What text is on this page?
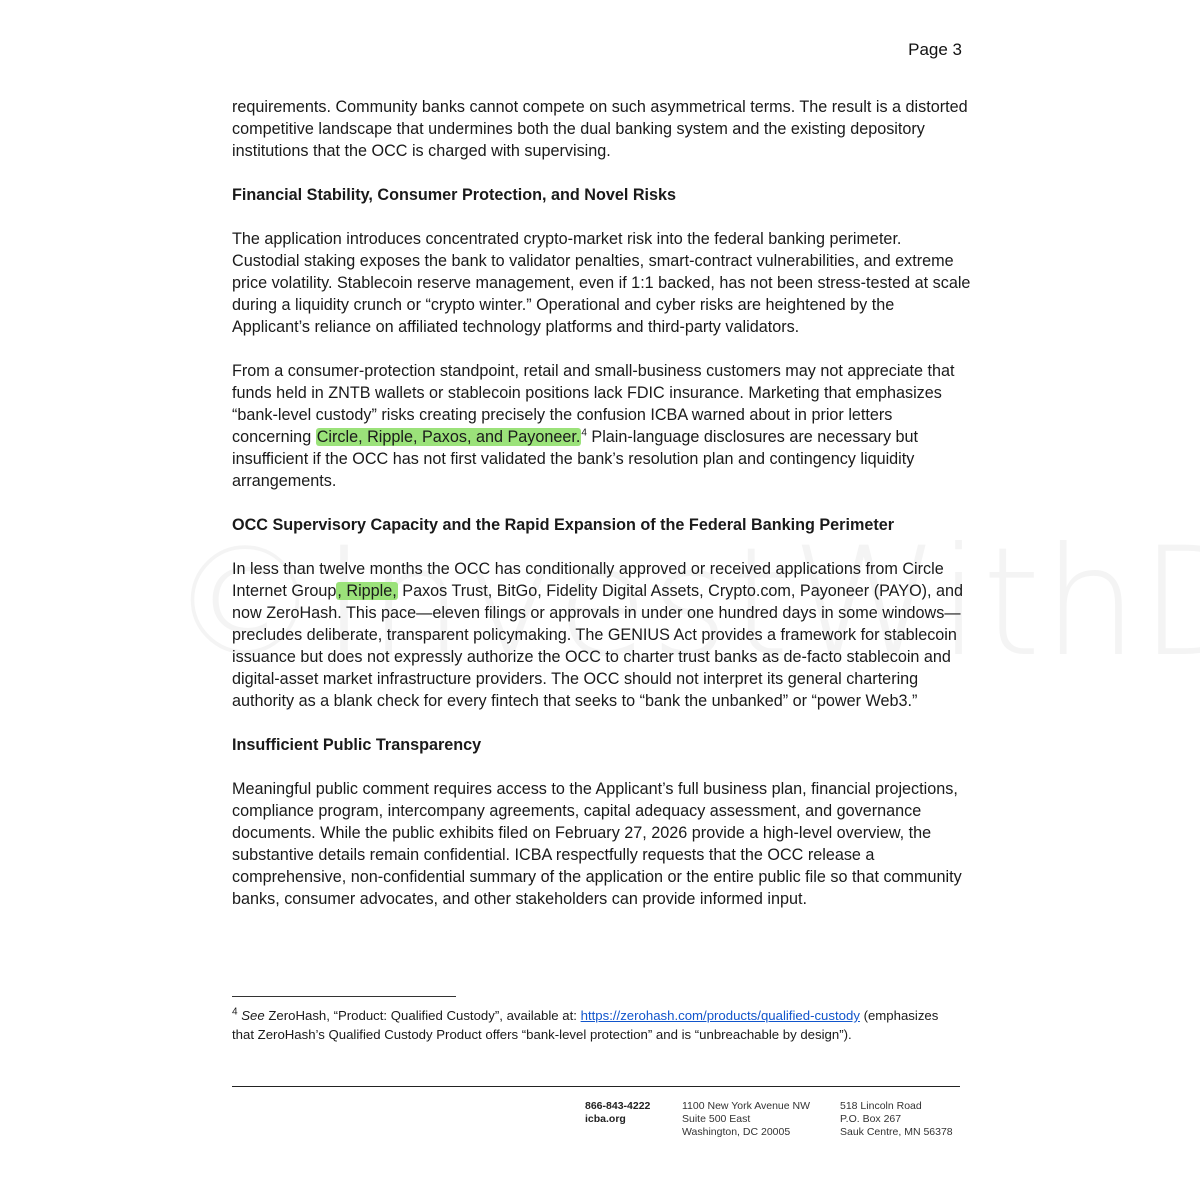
Page 3

requirements. Community banks cannot compete on such asymmetrical terms. The result is a distorted competitive landscape that undermines both the dual banking system and the existing depository institutions that the OCC is charged with supervising.

Financial Stability, Consumer Protection, and Novel Risks

The application introduces concentrated crypto-market risk into the federal banking perimeter. Custodial staking exposes the bank to validator penalties, smart-contract vulnerabilities, and extreme price volatility. Stablecoin reserve management, even if 1:1 backed, has not been stress-tested at scale during a liquidity crunch or “crypto winter.” Operational and cyber risks are heightened by the Applicant’s reliance on affiliated technology platforms and third-party validators.

From a consumer-protection standpoint, retail and small-business customers may not appreciate that funds held in ZNTB wallets or stablecoin positions lack FDIC insurance. Marketing that emphasizes “bank-level custody” risks creating precisely the confusion ICBA warned about in prior letters concerning Circle, Ripple, Paxos, and Payoneer.$^4$ Plain-language disclosures are necessary but insufficient if the OCC has not first validated the bank’s resolution plan and contingency liquidity arrangements.

OCC Supervisory Capacity and the Rapid Expansion of the Federal Banking Perimeter

In less than twelve months the OCC has conditionally approved or received applications from Circle Internet Group, Ripple, Paxos Trust, BitGo, Fidelity Digital Assets, Crypto.com, Payoneer (PAYO), and now ZeroHash. This pace—eleven filings or approvals in under one hundred days in some windows—precludes deliberate, transparent policymaking. The GENIUS Act provides a framework for stablecoin issuance but does not expressly authorize the OCC to charter trust banks as de-facto stablecoin and digital-asset market infrastructure providers. The OCC should not interpret its general chartering authority as a blank check for every fintech that seeks to “bank the unbanked” or “power Web3.”

Insufficient Public Transparency

Meaningful public comment requires access to the Applicant’s full business plan, financial projections, compliance program, intercompany agreements, capital adequacy assessment, and governance documents. While the public exhibits filed on February 27, 2026 provide a high-level overview, the substantive details remain confidential. ICBA respectfully requests that the OCC release a comprehensive, non-confidential summary of the application or the entire public file so that community banks, consumer advocates, and other stakeholders can provide informed input.

$^4$ See ZeroHash, “Product: Qualified Custody”, available at: https://zerohash.com/products/qualified-custody (emphasizes that ZeroHash’s Qualified Custody Product offers “bank-level protection” and is “unbreachable by design”).
866-843-4222
icba.org
1100 New York Avenue NW
Suite 500 East
Washington, DC 20005
518 Lincoln Road
P.O. Box 267
Sauk Centre, MN 56378
